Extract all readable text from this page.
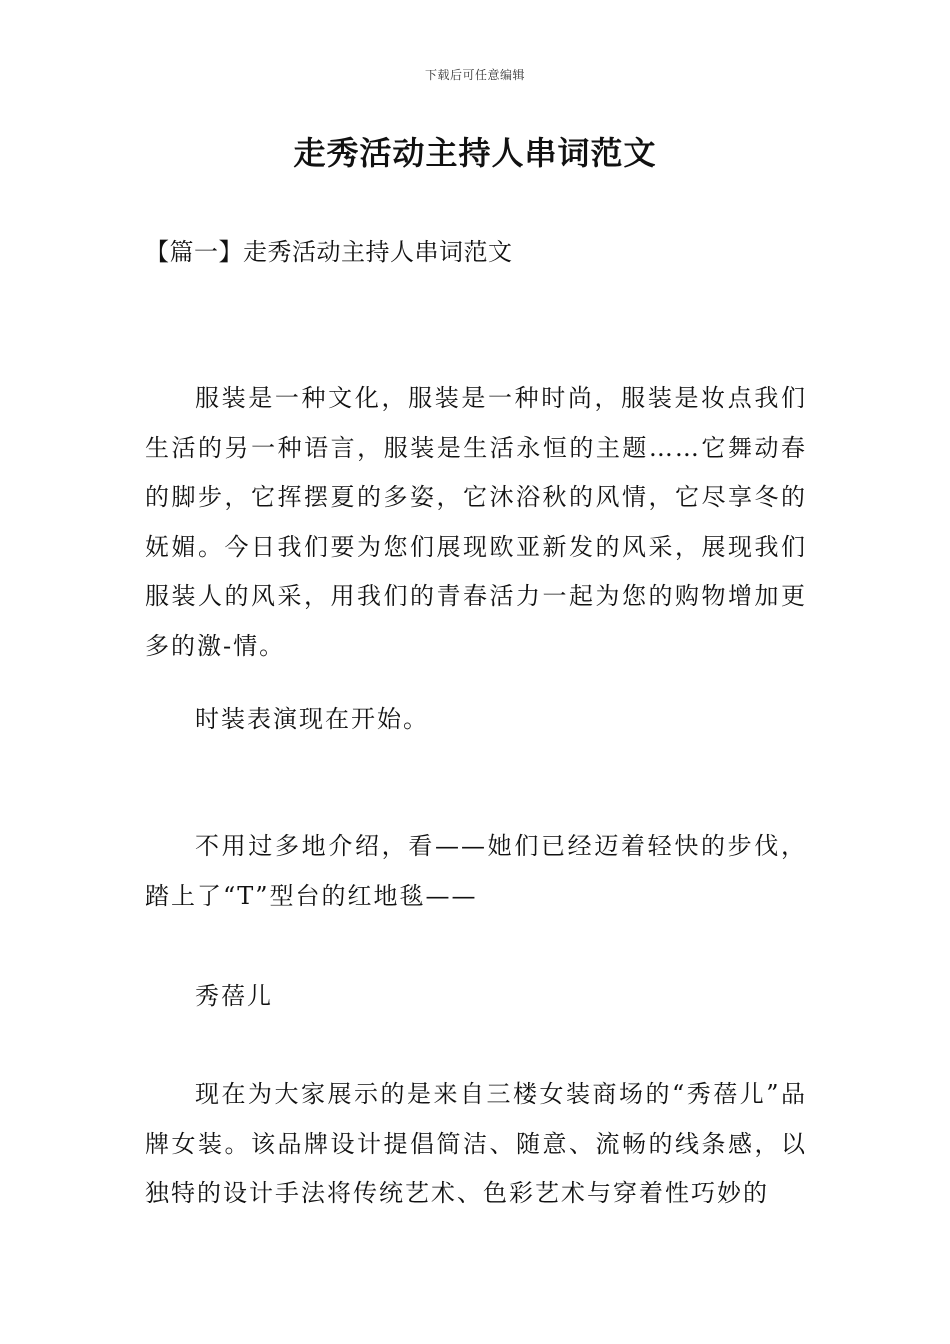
下载后可任意编辑
走秀活动主持人串词范文
【篇一】走秀活动主持人串词范文

服装是一种文化，服装是一种时尚，服装是妆点我们生活的另一种语言，服装是生活永恒的主题……它舞动春的脚步，它挥摆夏的多姿，它沐浴秋的风情，它尽享冬的妩媚。今日我们要为您们展现欧亚新发的风采，展现我们服装人的风采，用我们的青春活力一起为您的购物增加更多的激-情。

时装表演现在开始。

不用过多地介绍，看——她们已经迈着轻快的步伐，踏上了“T”型台的红地毯——

秀蓓儿

现在为大家展示的是来自三楼女装商场的“秀蓓儿”品牌女装。该品牌设计提倡简洁、随意、流畅的线条感，以独特的设计手法将传统艺术、色彩艺术与穿着性巧妙的
